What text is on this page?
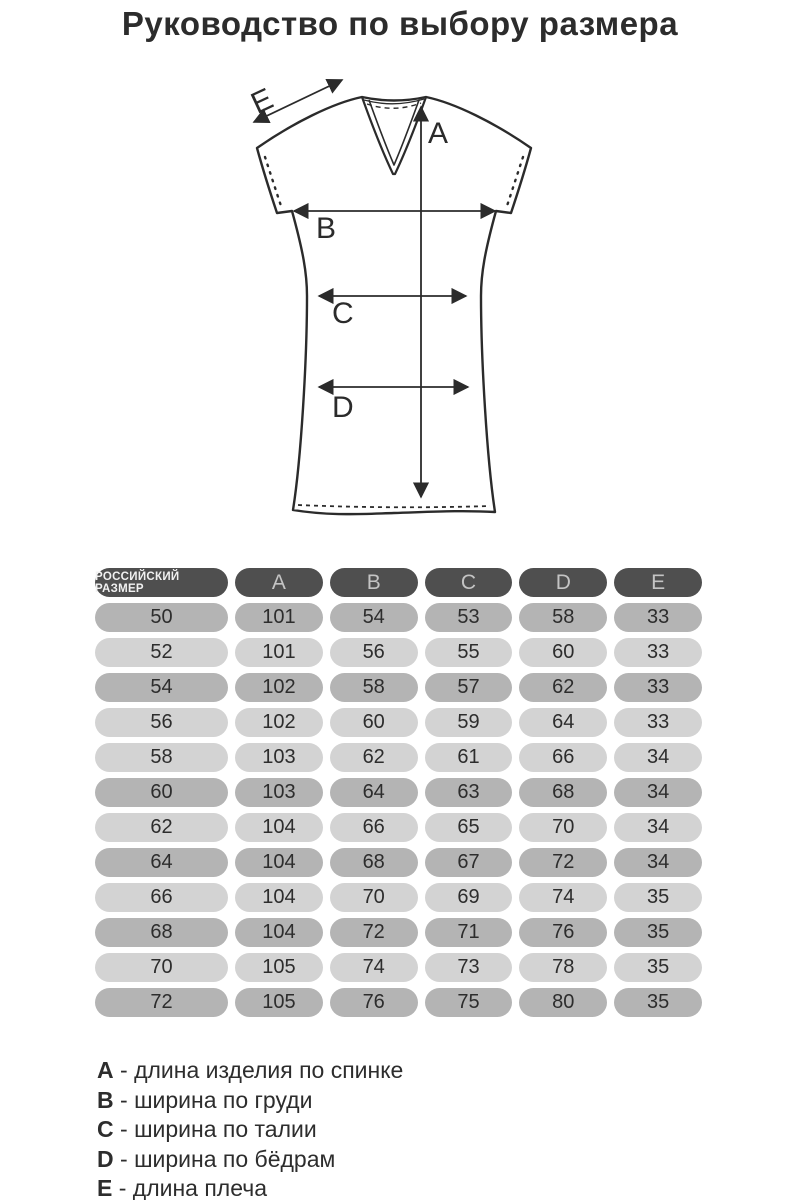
Руководство по выбору размера
A
B
C
D
E
РОССИЙСКИЙ РАЗМЕР	A	B	C	D	E
50	101	54	53	58	33
52	101	56	55	60	33
54	102	58	57	62	33
56	102	60	59	64	33
58	103	62	61	66	34
60	103	64	63	68	34
62	104	66	65	70	34
64	104	68	67	72	34
66	104	70	69	74	35
68	104	72	71	76	35
70	105	74	73	78	35
72	105	76	75	80	35
A - длина изделия по спинке
B - ширина по груди
C - ширина по талии
D - ширина по бёдрам
E - длина плеча
